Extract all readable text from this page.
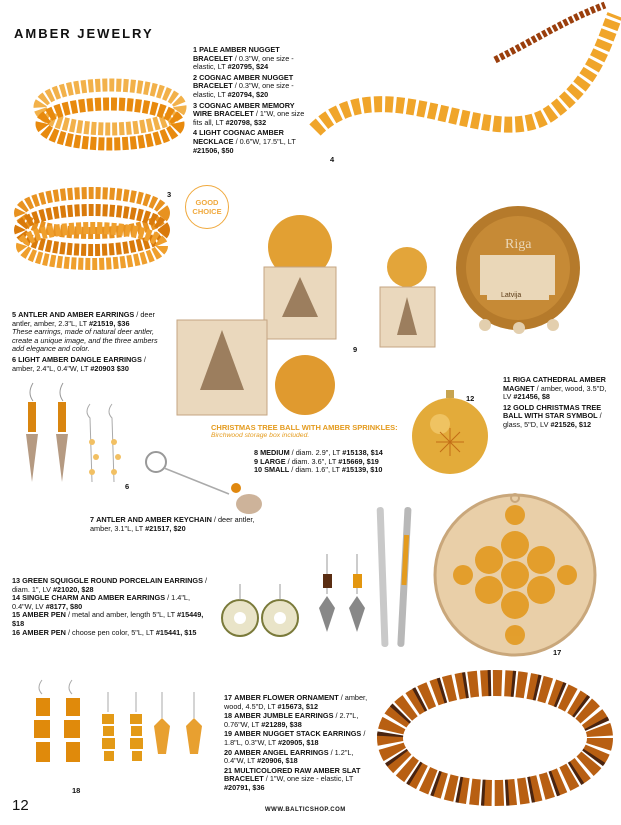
AMBER JEWELRY
Riga
Latvija
GOOD CHOICE
3
4
6
9
12
17
18
1 PALE AMBER NUGGET BRACELET / 0.3"W, one size - elastic, LT #20795, $24
2 COGNAC AMBER NUGGET BRACELET / 0.3"W, one size - elastic, LT #20794, $20
3 COGNAC AMBER MEMORY WIRE BRACELET / 1"W, one size fits all, LT #20798, $32
4 LIGHT COGNAC AMBER NECKLACE / 0.6"W, 17.5"L, LT #21506, $50
5 ANTLER AND AMBER EARRINGS / deer antler, amber, 2.3"L, LT #21519, $36
These earrings, made of natural deer antler, create a unique image, and the three ambers add elegance and color.
6 LIGHT AMBER DANGLE EARRINGS / amber, 2.4"L, 0.4"W, LT #20903 $30
CHRISTMAS TREE BALL WITH AMBER SPRINKLES:
Birchwood storage box included.
8 MEDIUM / diam. 2.9", LT #15138, $14
9 LARGE / diam. 3.6", LT #15669, $19
10 SMALL / diam. 1.6", LT #15139, $10
7 ANTLER AND AMBER KEYCHAIN / deer antler, amber, 3.1"L, LT #21517, $20
11 RIGA CATHEDRAL AMBER MAGNET / amber, wood, 3.5"D, LV #21456, $8
12 GOLD CHRISTMAS TREE BALL WITH STAR SYMBOL / glass, 5"D, LV #21526, $12
13 GREEN SQUIGGLE ROUND PORCELAIN EARRINGS / diam. 1", LV #21020, $28
14 SINGLE CHARM AND AMBER EARRINGS / 1.4"L, 0.4"W, LV #8177, $80
15 AMBER PEN / metal and amber, length 5"L, LT #15449, $18
16 AMBER PEN / choose pen color, 5"L, LT #15441, $15
17 AMBER FLOWER ORNAMENT / amber, wood, 4.5"D, LT #15673, $12
18 AMBER JUMBLE EARRINGS / 2.7"L, 0.76"W, LT #21289, $38
19 AMBER NUGGET STACK EARRINGS / 1.8"L, 0.3"W, LT #20905, $18
20 AMBER ANGEL EARRINGS / 1.2"L, 0.4"W, LT #20906, $18
21 MULTICOLORED RAW AMBER SLAT BRACELET / 1"W, one size - elastic, LT #20791, $36
12	WWW.BALTICSHOP.COM
